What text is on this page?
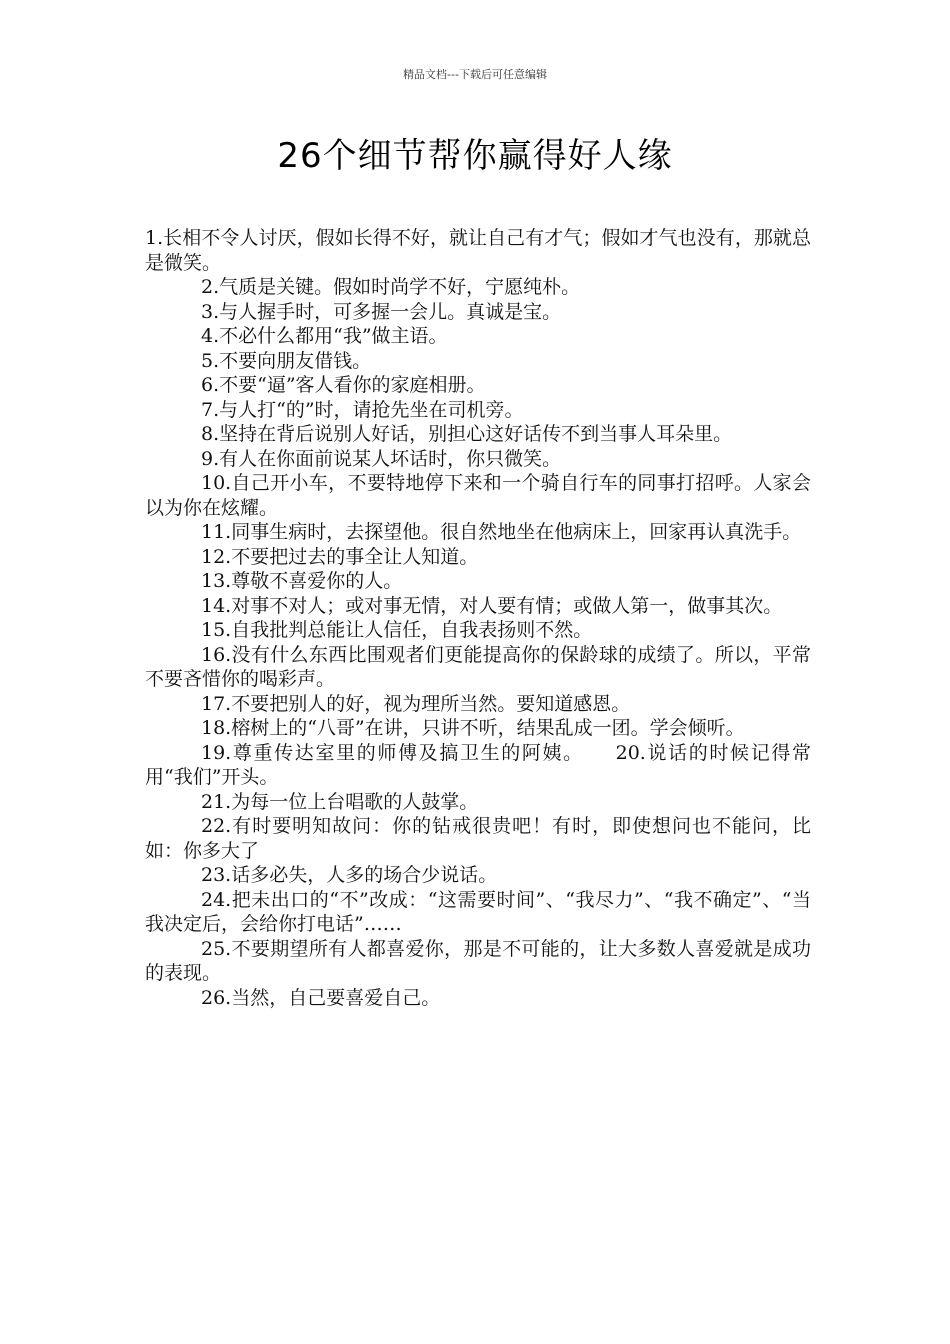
精品文档---下载后可任意编辑
26个细节帮你赢得好人缘

1.长相不令人讨厌，假如长得不好，就让自己有才气；假如才气也没有，那就总是微笑。

2.气质是关键。假如时尚学不好，宁愿纯朴。

3.与人握手时，可多握一会儿。真诚是宝。

4.不必什么都用“我”做主语。

5.不要向朋友借钱。

6.不要“逼”客人看你的家庭相册。

7.与人打“的”时，请抢先坐在司机旁。

8.坚持在背后说别人好话，别担心这好话传不到当事人耳朵里。

9.有人在你面前说某人坏话时，你只微笑。

10.自己开小车，不要特地停下来和一个骑自行车的同事打招呼。人家会以为你在炫耀。

11.同事生病时，去探望他。很自然地坐在他病床上，回家再认真洗手。

12.不要把过去的事全让人知道。

13.尊敬不喜爱你的人。

14.对事不对人；或对事无情，对人要有情；或做人第一，做事其次。

15.自我批判总能让人信任，自我表扬则不然。

16.没有什么东西比围观者们更能提高你的保龄球的成绩了。所以，平常不要吝惜你的喝彩声。

17.不要把别人的好，视为理所当然。要知道感恩。

18.榕树上的“八哥”在讲，只讲不听，结果乱成一团。学会倾听。

19.尊重传达室里的师傅及搞卫生的阿姨。　　20.说话的时候记得常用“我们”开头。

21.为每一位上台唱歌的人鼓掌。

22.有时要明知故问：你的钻戒很贵吧！有时，即使想问也不能问，比如：你多大了

23.话多必失，人多的场合少说话。

24.把未出口的“不”改成：“这需要时间”、“我尽力”、“我不确定”、“当我决定后，会给你打电话”……

25.不要期望所有人都喜爱你，那是不可能的，让大多数人喜爱就是成功的表现。

26.当然，自己要喜爱自己。
